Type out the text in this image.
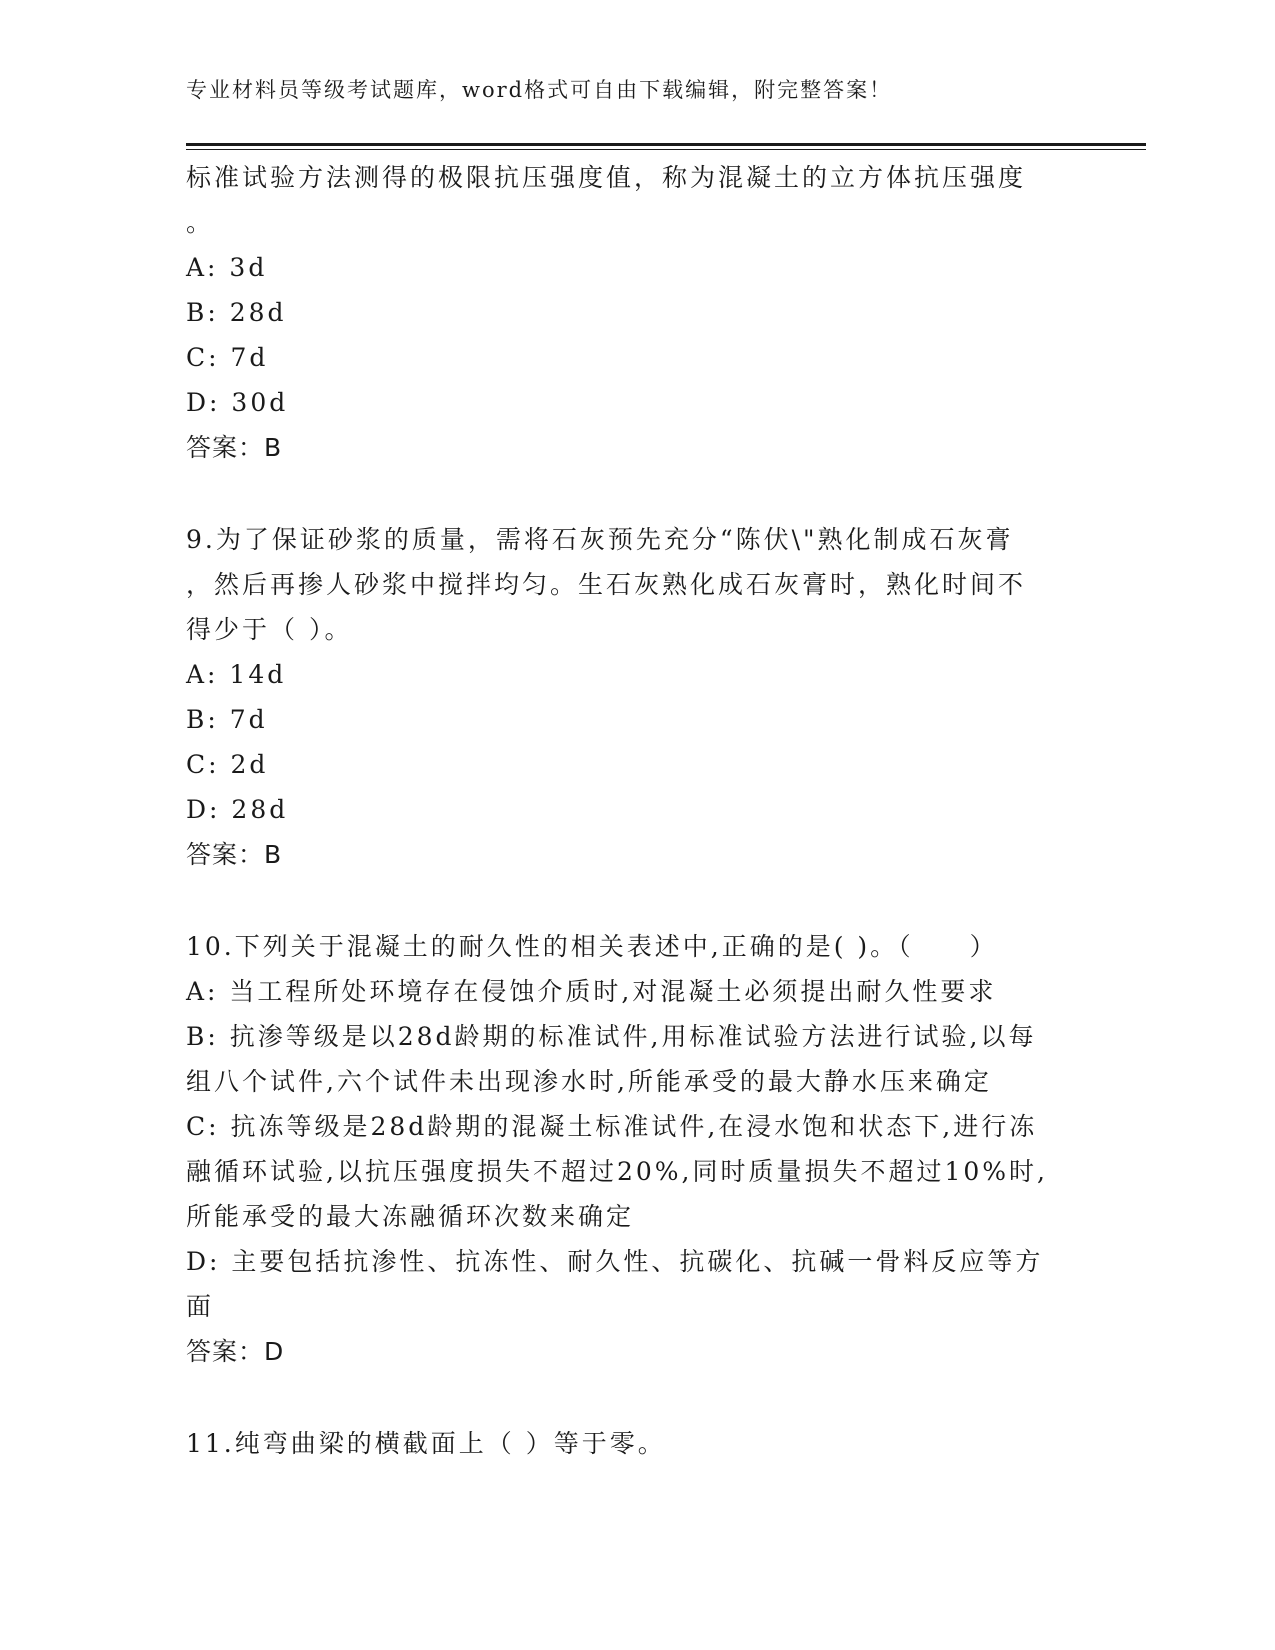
专业材料员等级考试题库，word格式可自由下载编辑，附完整答案！
标准试验方法测得的极限抗压强度值，称为混凝土的立方体抗压强度
。
A: 3d
B: 28d
C: 7d
D: 30d
答案：B
9.为了保证砂浆的质量，需将石灰预先充分“陈伏\"熟化制成石灰膏
，然后再掺人砂浆中搅拌均匀。生石灰熟化成石灰膏时，熟化时间不
得少于（ ）。
A: 14d
B: 7d
C: 2d
D: 28d
答案：B
10.下列关于混凝土的耐久性的相关表述中,正确的是( )。（　　）
A: 当工程所处环境存在侵蚀介质时,对混凝土必须提出耐久性要求
B: 抗渗等级是以28d龄期的标准试件,用标准试验方法进行试验,以每
组八个试件,六个试件未出现渗水时,所能承受的最大静水压来确定
C: 抗冻等级是28d龄期的混凝土标准试件,在浸水饱和状态下,进行冻
融循环试验,以抗压强度损失不超过20%,同时质量损失不超过10%时,
所能承受的最大冻融循环次数来确定
D: 主要包括抗渗性、抗冻性、耐久性、抗碳化、抗碱一骨料反应等方
面
答案：D
11.纯弯曲梁的横截面上（ ）等于零。
